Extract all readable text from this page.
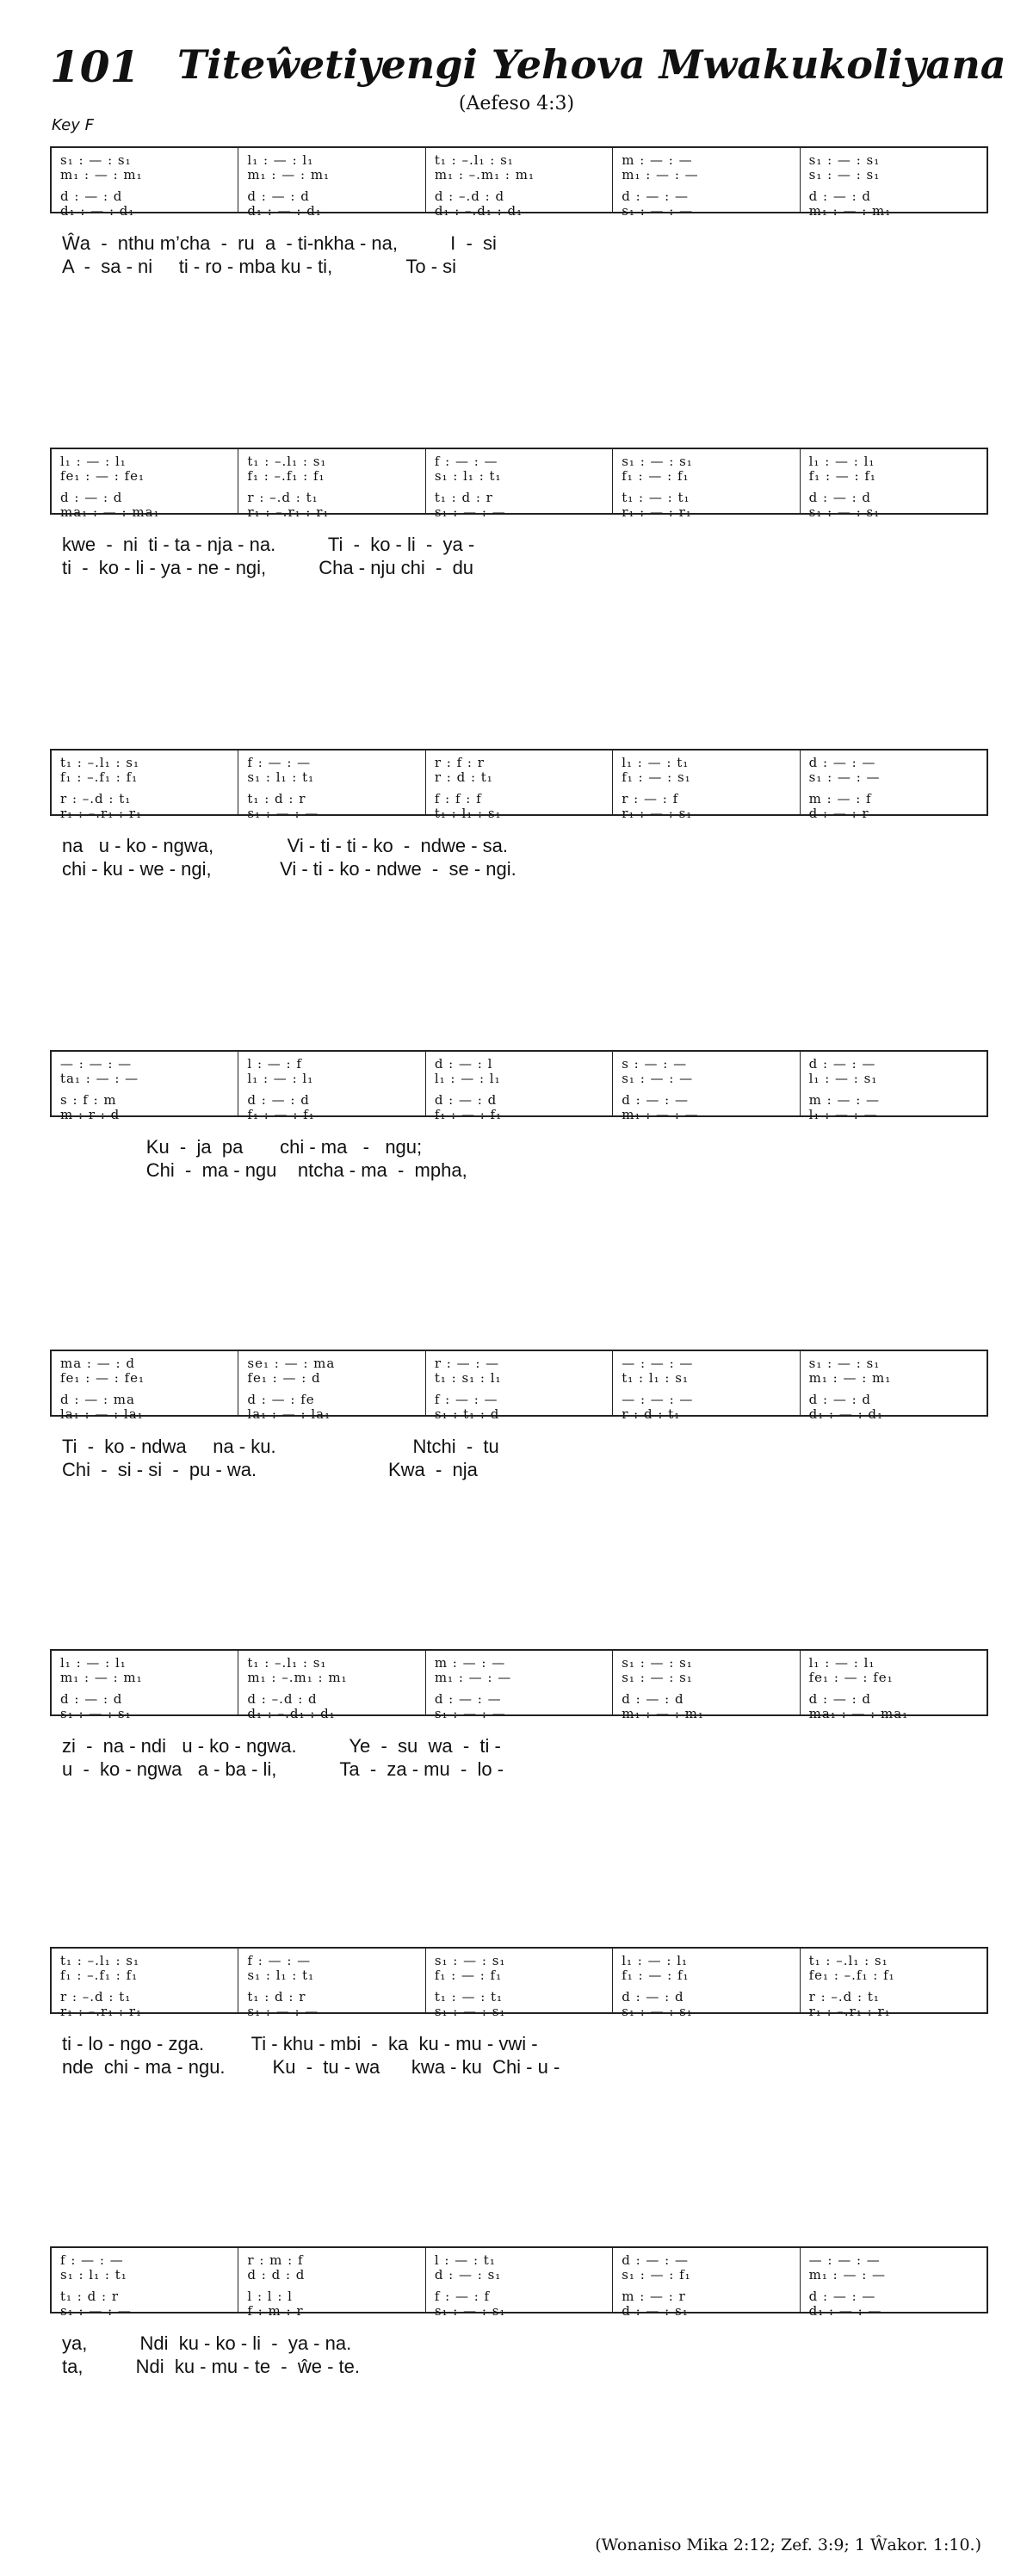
101 Titeŵetiyengi Yehova Mwakukoliyana
(Aefeso 4:3)
Key F
s₁ : — : s₁
m₁ : — : m₁
d : — : d
d₁ : — : d₁
l₁ : — : l₁
m₁ : — : m₁
d : — : d
d₁ : — : d₁
t₁ : –.l₁ : s₁
m₁ : –.m₁ : m₁
d : –.d : d
d₁ : –.d₁ : d₁
m : — : —
m₁ : — : —
d : — : —
s₁ : — : —
s₁ : — : s₁
s₁ : — : s₁
d : — : d
m₁ : — : m₁
Ŵa  -  nthu m’cha  -  ru  a  - ti-nkha - na,          I  -  si
A  -  sa - ni     ti - ro - mba ku - ti,              To - si
l₁ : — : l₁
fe₁ : — : fe₁
d : — : d
ma₁ : — : ma₁
t₁ : –.l₁ : s₁
f₁ : –.f₁ : f₁
r : –.d : t₁
r₁ : –.r₁ : r₁
f : — : —
s₁ : l₁ : t₁
t₁ : d : r
s₁ : — : —
s₁ : — : s₁
f₁ : — : f₁
t₁ : — : t₁
r₁ : — : r₁
l₁ : — : l₁
f₁ : — : f₁
d : — : d
s₁ : — : s₁
kwe  -  ni  ti - ta - nja - na.          Ti  -  ko - li  -  ya -
ti  -  ko - li - ya - ne - ngi,          Cha - nju chi  -  du
t₁ : –.l₁ : s₁
f₁ : –.f₁ : f₁
r : –.d : t₁
r₁ : –.r₁ : r₁
f : — : —
s₁ : l₁ : t₁
t₁ : d : r
s₁ : — : —
r : f : r
r : d : t₁
f : f : f
t₁ : l₁ : s₁
l₁ : — : t₁
f₁ : — : s₁
r : — : f
r₁ : — : s₁
d : — : —
s₁ : — : —
m : — : f
d : — : r
na   u - ko - ngwa,              Vi - ti - ti - ko  -  ndwe - sa.
chi - ku - we - ngi,             Vi - ti - ko - ndwe  -  se - ngi.
— : — : —
ta₁ : — : —
s : f : m
m : r : d
l : — : f
l₁ : — : l₁
d : — : d
f₁ : — : f₁
d : — : l
l₁ : — : l₁
d : — : d
f₁ : — : f₁
s : — : —
s₁ : — : —
d : — : —
m₁ : — : —
d : — : —
l₁ : — : s₁
m : — : —
l₁ : — : —
Ku  -  ja  pa       chi - ma   -   ngu;
Chi  -  ma - ngu    ntcha - ma  -  mpha,
ma : — : d
fe₁ : — : fe₁
d : — : ma
la₁ : — : la₁
se₁ : — : ma
fe₁ : — : d
d : — : fe
la₁ : — : la₁
r : — : —
t₁ : s₁ : l₁
f : — : —
s₁ : t₁ : d
— : — : —
t₁ : l₁ : s₁
— : — : —
r : d : t₁
s₁ : — : s₁
m₁ : — : m₁
d : — : d
d₁ : — : d₁
Ti  -  ko - ndwa     na - ku.                          Ntchi  -  tu
Chi  -  si - si  -  pu - wa.                         Kwa  -  nja
l₁ : — : l₁
m₁ : — : m₁
d : — : d
s₁ : — : s₁
t₁ : –.l₁ : s₁
m₁ : –.m₁ : m₁
d : –.d : d
d₁ : –.d₁ : d₁
m : — : —
m₁ : — : —
d : — : —
s₁ : — : —
s₁ : — : s₁
s₁ : — : s₁
d : — : d
m₁ : — : m₁
l₁ : — : l₁
fe₁ : — : fe₁
d : — : d
ma₁ : — : ma₁
zi  -  na - ndi   u - ko - ngwa.          Ye  -  su  wa  -  ti -
u  -  ko - ngwa   a - ba - li,            Ta  -  za - mu  -  lo -
t₁ : –.l₁ : s₁
f₁ : –.f₁ : f₁
r : –.d : t₁
r₁ : –.r₁ : r₁
f : — : —
s₁ : l₁ : t₁
t₁ : d : r
s₁ : — : —
s₁ : — : s₁
f₁ : — : f₁
t₁ : — : t₁
s₁ : — : s₁
l₁ : — : l₁
f₁ : — : f₁
d : — : d
s₁ : — : s₁
t₁ : –.l₁ : s₁
fe₁ : –.f₁ : f₁
r : –.d : t₁
r₁ : –.r₁ : r₁
ti - lo - ngo - zga.         Ti - khu - mbi  -  ka  ku - mu - vwi -
nde  chi - ma - ngu.         Ku  -  tu - wa      kwa - ku  Chi - u -
f : — : —
s₁ : l₁ : t₁
t₁ : d : r
s₁ : — : —
r : m : f
d : d : d
l : l : l
f : m : r
l : — : t₁
d : — : s₁
f : — : f
s₁ : — : s₁
d : — : —
s₁ : — : f₁
m : — : r
d : — : s₁
— : — : —
m₁ : — : —
d : — : —
d₁ : — : —
ya,          Ndi  ku - ko - li  -  ya - na.
ta,          Ndi  ku - mu - te  -  ŵe - te.
(Wonaniso Mika 2:12; Zef. 3:9; 1 Ŵakor. 1:10.)
